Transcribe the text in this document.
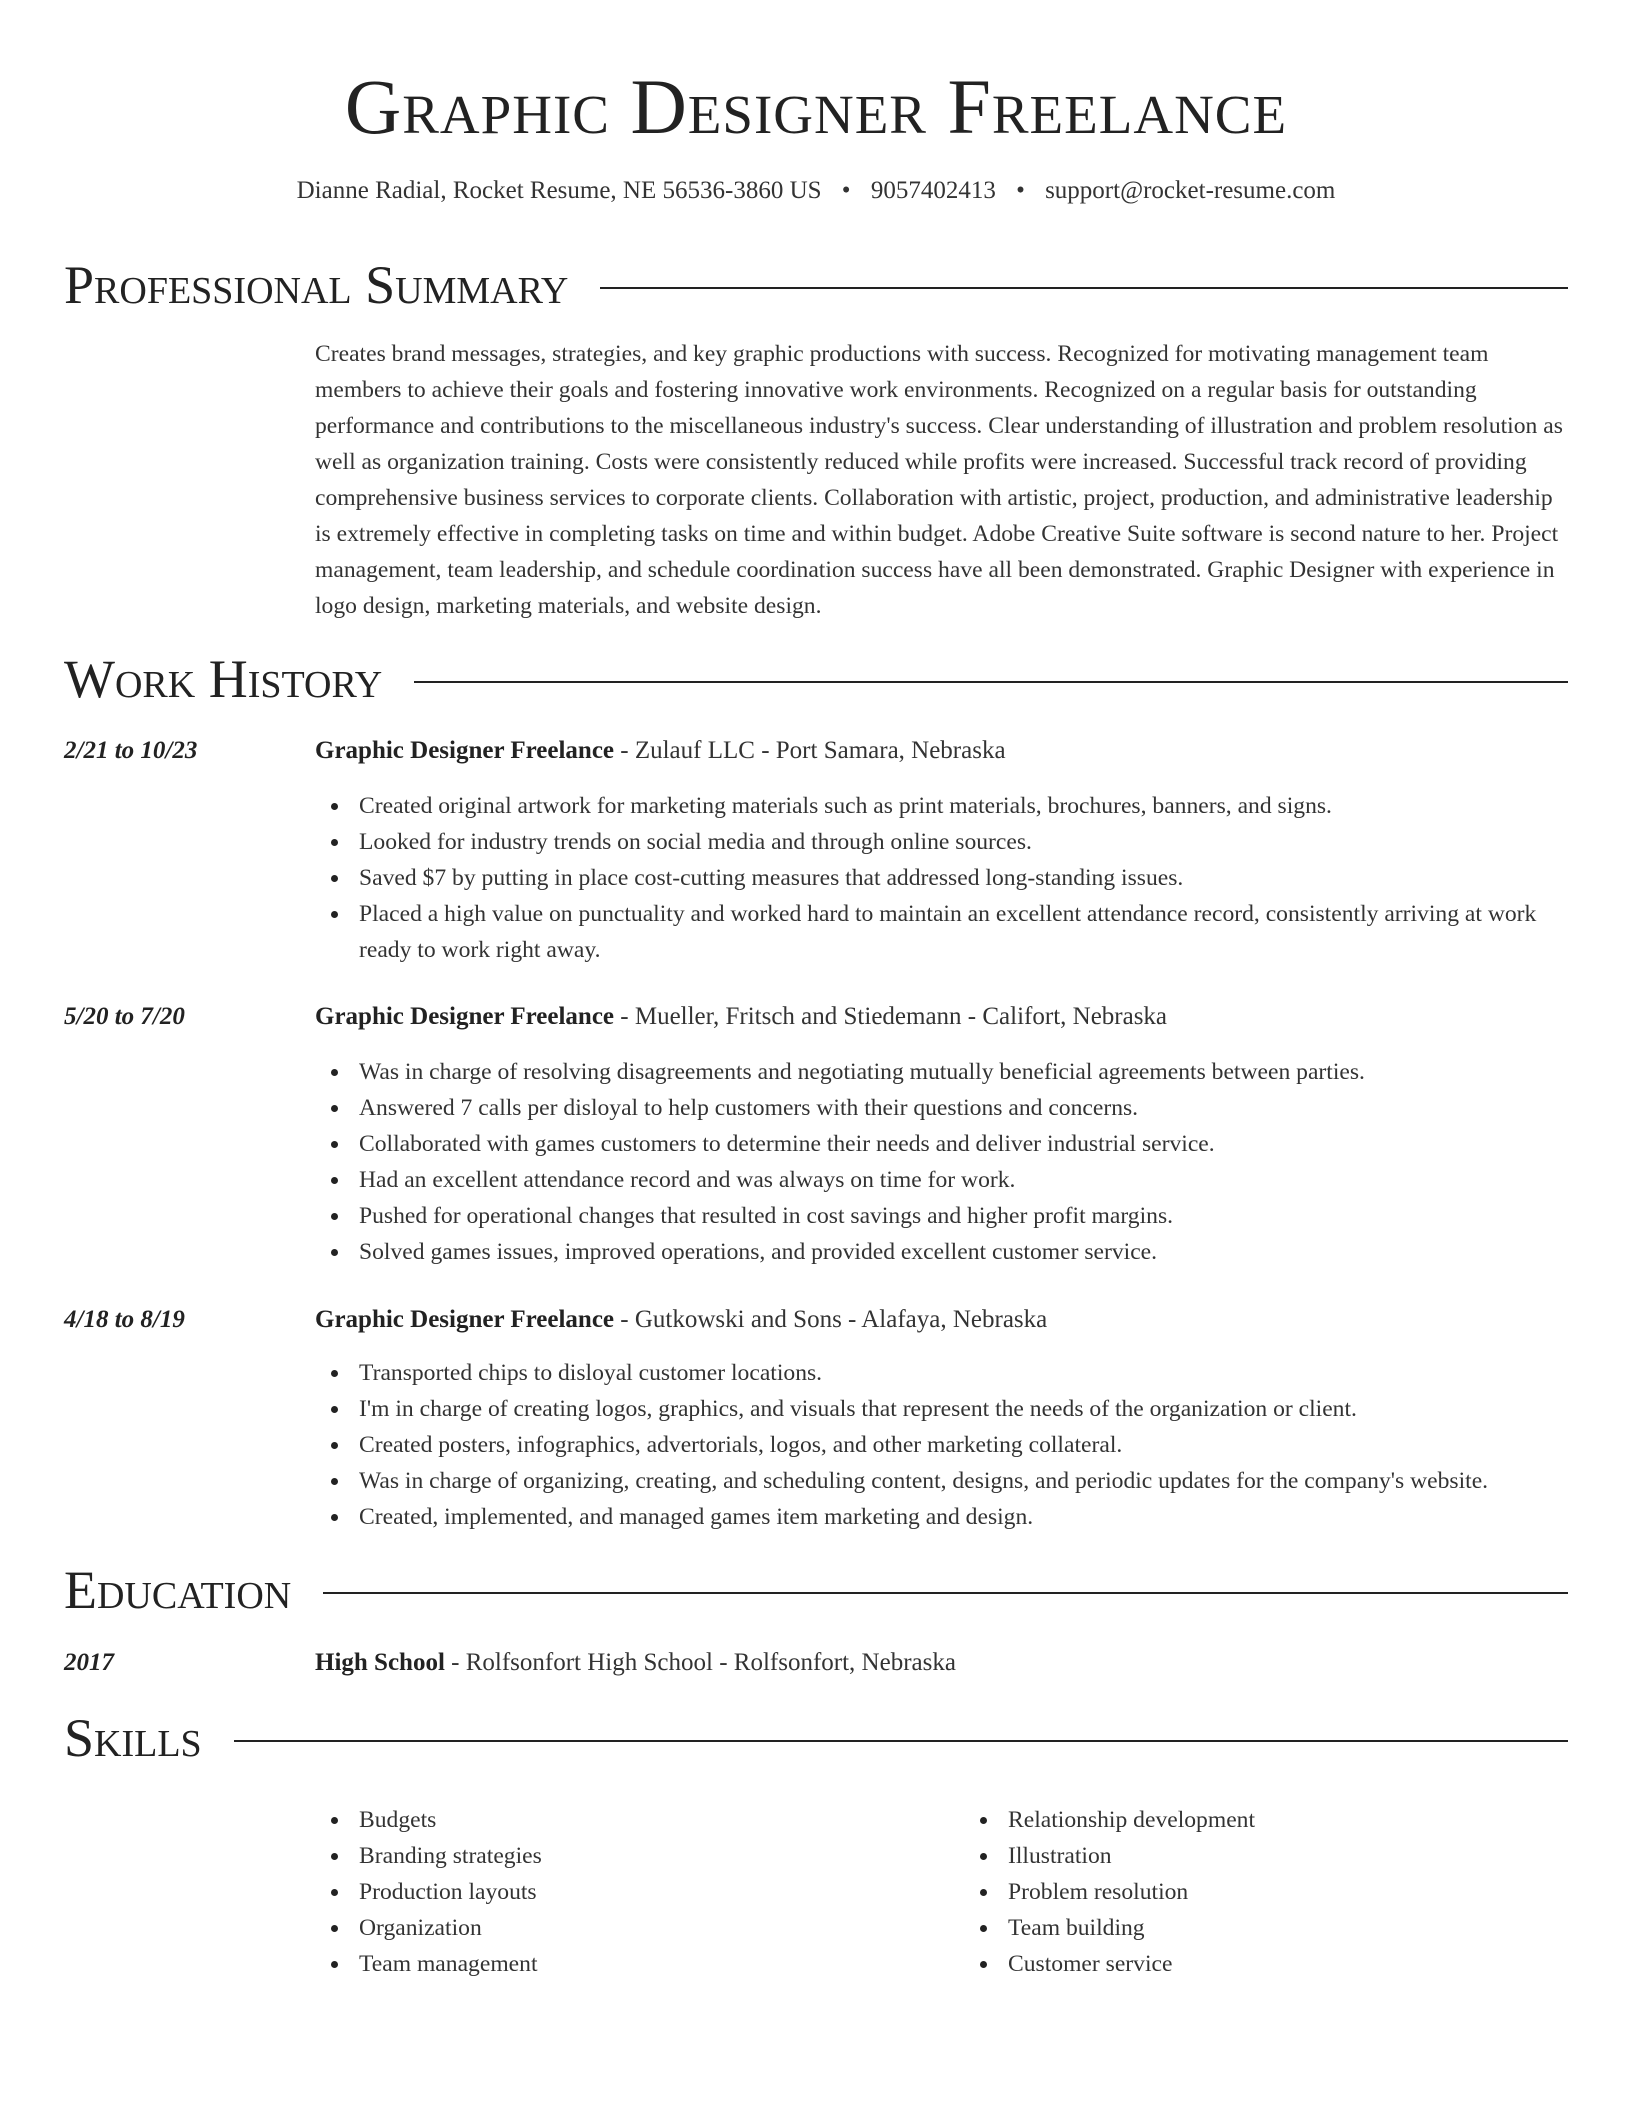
Graphic Designer Freelance
Dianne Radial, Rocket Resume, NE 56536-3860 US • 9057402413 • support@rocket-resume.com
Professional Summary
Creates brand messages, strategies, and key graphic productions with success. Recognized for motivating management team members to achieve their goals and fostering innovative work environments. Recognized on a regular basis for outstanding performance and contributions to the miscellaneous industry's success. Clear understanding of illustration and problem resolution as well as organization training. Costs were consistently reduced while profits were increased. Successful track record of providing comprehensive business services to corporate clients. Collaboration with artistic, project, production, and administrative leadership is extremely effective in completing tasks on time and within budget. Adobe Creative Suite software is second nature to her. Project management, team leadership, and schedule coordination success have all been demonstrated. Graphic Designer with experience in logo design, marketing materials, and website design.
Work History
2/21 to 10/23	Graphic Designer Freelance - Zulauf LLC - Port Samara, Nebraska
Created original artwork for marketing materials such as print materials, brochures, banners, and signs.
Looked for industry trends on social media and through online sources.
Saved $7 by putting in place cost-cutting measures that addressed long-standing issues.
Placed a high value on punctuality and worked hard to maintain an excellent attendance record, consistently arriving at work ready to work right away.
5/20 to 7/20	Graphic Designer Freelance - Mueller, Fritsch and Stiedemann - Califort, Nebraska
Was in charge of resolving disagreements and negotiating mutually beneficial agreements between parties.
Answered 7 calls per disloyal to help customers with their questions and concerns.
Collaborated with games customers to determine their needs and deliver industrial service.
Had an excellent attendance record and was always on time for work.
Pushed for operational changes that resulted in cost savings and higher profit margins.
Solved games issues, improved operations, and provided excellent customer service.
4/18 to 8/19	Graphic Designer Freelance - Gutkowski and Sons - Alafaya, Nebraska
Transported chips to disloyal customer locations.
I'm in charge of creating logos, graphics, and visuals that represent the needs of the organization or client.
Created posters, infographics, advertorials, logos, and other marketing collateral.
Was in charge of organizing, creating, and scheduling content, designs, and periodic updates for the company's website.
Created, implemented, and managed games item marketing and design.
Education
2017	High School - Rolfsonfort High School - Rolfsonfort, Nebraska
Skills
Budgets
Branding strategies
Production layouts
Organization
Team management
Relationship development
Illustration
Problem resolution
Team building
Customer service
